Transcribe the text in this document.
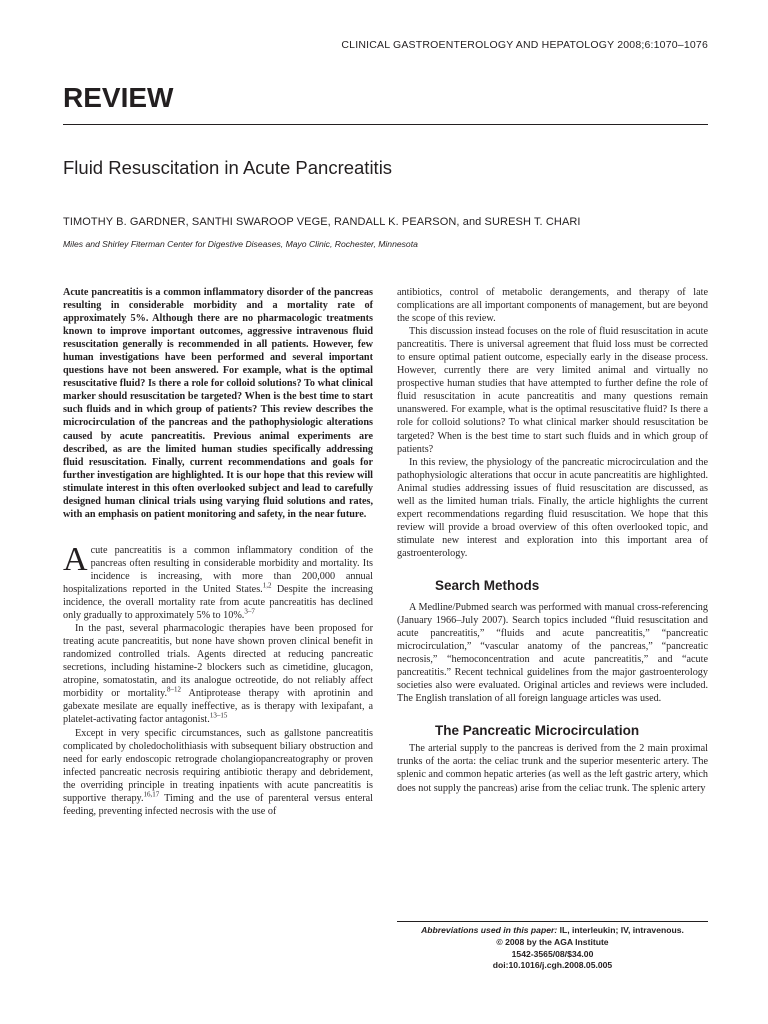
CLINICAL GASTROENTEROLOGY AND HEPATOLOGY 2008;6:1070–1076
REVIEW
Fluid Resuscitation in Acute Pancreatitis
TIMOTHY B. GARDNER, SANTHI SWAROOP VEGE, RANDALL K. PEARSON, and SURESH T. CHARI
Miles and Shirley Fiterman Center for Digestive Diseases, Mayo Clinic, Rochester, Minnesota

Acute pancreatitis is a common inflammatory disorder of the pancreas resulting in considerable morbidity and a mortality rate of approximately 5%. Although there are no pharmacologic treatments known to improve important outcomes, aggressive intravenous fluid resuscitation generally is recommended in all patients. However, few human investigations have been performed and several important questions have not been answered. For example, what is the optimal resuscitative fluid? Is there a role for colloid solutions? To what clinical marker should resuscitation be targeted? When is the best time to start such fluids and in which group of patients? This review describes the microcirculation of the pancreas and the pathophysiologic alterations caused by acute pancreatitis. Previous animal experiments are described, as are the limited human studies specifically addressing fluid resuscitation. Finally, current recommendations and goals for further investigation are highlighted. It is our hope that this review will stimulate interest in this often overlooked subject and lead to carefully designed human clinical trials using varying fluid solutions and rates, with an emphasis on patient monitoring and safety, in the near future.

Acute pancreatitis is a common inflammatory condition of the pancreas often resulting in considerable morbidity and mortality. Its incidence is increasing, with more than 200,000 annual hospitalizations reported in the United States.$^{1,2}$ Despite the increasing incidence, the overall mortality rate from acute pancreatitis has declined only gradually to approximately 5% to 10%.$^{3-7}$

In the past, several pharmacologic therapies have been proposed for treating acute pancreatitis, but none have shown proven clinical benefit in randomized controlled trials. Agents directed at reducing pancreatic secretions, including histamine-2 blockers such as cimetidine, glucagon, atropine, somatostatin, and its analogue octreotide, do not reliably affect morbidity or mortality.$^{8-12}$ Antiprotease therapy with aprotinin and gabexate mesilate are equally ineffective, as is therapy with lexipafant, a platelet-activating factor antagonist.$^{13-15}$

Except in very specific circumstances, such as gallstone pancreatitis complicated by choledocholithiasis with subsequent biliary obstruction and need for early endoscopic retrograde cholangiopancreatography or proven infected pancreatic necrosis requiring antibiotic therapy and debridement, the overriding principle in treating inpatients with acute pancreatitis is supportive therapy.$^{16,17}$ Timing and the use of parenteral versus enteral feeding, preventing infected necrosis with the use of

antibiotics, control of metabolic derangements, and therapy of late complications are all important components of management, but are beyond the scope of this review.

This discussion instead focuses on the role of fluid resuscitation in acute pancreatitis. There is universal agreement that fluid loss must be corrected to ensure optimal patient outcome, especially early in the disease process. However, currently there are very limited animal and virtually no prospective human studies that have attempted to further define the role of fluid resuscitation in acute pancreatitis and many questions remain unanswered. For example, what is the optimal resuscitative fluid? Is there a role for colloid solutions? To what clinical marker should resuscitation be targeted? When is the best time to start such fluids and in which group of patients?

In this review, the physiology of the pancreatic microcirculation and the pathophysiologic alterations that occur in acute pancreatitis are highlighted. Animal studies addressing issues of fluid resuscitation are discussed, as well as the limited human trials. Finally, the article highlights the current expert recommendations regarding fluid resuscitation. We hope that this review will provide a broad overview of this often overlooked topic, and stimulate new interest and exploration into this important area of gastroenterology.

Search Methods

A Medline/Pubmed search was performed with manual cross-referencing (January 1966–July 2007). Search topics included “fluid resuscitation and acute pancreatitis,” “fluids and acute pancreatitis,” “pancreatic microcirculation,” “vascular anatomy of the pancreas,” “pancreatic necrosis,” “hemoconcentration and acute pancreatitis,” and “acute pancreatitis.” Recent technical guidelines from the major gastroenterology societies also were evaluated. Original articles and reviews were included. The English translation of all foreign language articles was used.

The Pancreatic Microcirculation

The arterial supply to the pancreas is derived from the 2 main proximal trunks of the aorta: the celiac trunk and the superior mesenteric artery. The splenic and common hepatic arteries (as well as the left gastric artery, which does not supply the pancreas) arise from the celiac trunk. The splenic artery

Abbreviations used in this paper: IL, interleukin; IV, intravenous.
© 2008 by the AGA Institute
1542-3565/08/$34.00
doi:10.1016/j.cgh.2008.05.005
